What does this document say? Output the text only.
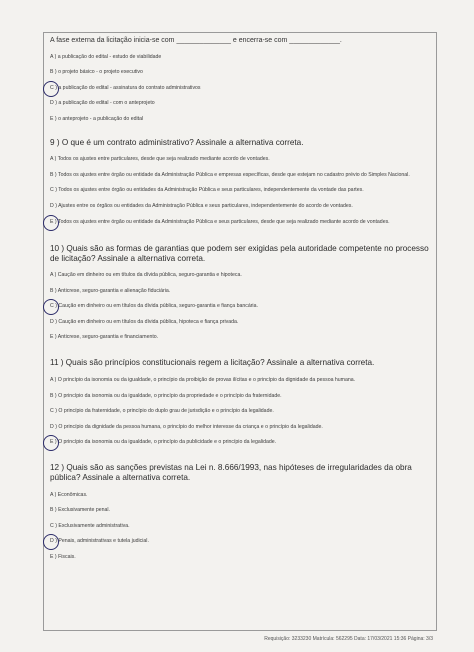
A fase externa da licitação inicia-se com ______________ e encerra-se com _____________.
A ) a publicação do edital - estudo de viabilidade
B ) o projeto básico - o projeto executivo
C ) a publicação do edital - assinatura do contrato administrativos
D ) a publicação do edital - com o anteprojeto
E ) o anteprojeto - a publicação do edital
9 ) O que é um contrato administrativo? Assinale a alternativa correta.
A ) Todos os ajustes entre particulares, desde que seja realizado mediante acordo de vontades.
B ) Todos os ajustes entre órgão ou entidade da Administração Pública e empresas específicas, desde que estejam no cadastro prévio do Simples Nacional.
C ) Todos os ajustes entre órgão ou entidades da Administração Pública e seus particulares, independentemente da vontade das partes.
D ) Ajustes entre os órgãos ou entidades da Administração Pública e seus particulares, independentemente do acordo de vontades.
E ) Todos os ajustes entre órgão ou entidade da Administração Pública e seus particulares, desde que seja realizado mediante acordo de vontades.
10 ) Quais são as formas de garantias que podem ser exigidas pela autoridade competente no processo de licitação? Assinale a alternativa correta.
A ) Caução em dinheiro ou em títulos da dívida pública, seguro-garantia e hipoteca.
B ) Anticrese, seguro-garantia e alienação fiduciária.
C ) Caução em dinheiro ou em títulos da dívida pública, seguro-garantia e fiança bancária.
D ) Caução em dinheiro ou em títulos da dívida pública, hipoteca e fiança privada.
E ) Anticrese, seguro-garantia e financiamento.
11 ) Quais são princípios constitucionais regem a licitação? Assinale a alternativa correta.
A ) O princípio da isonomia ou da igualdade, o princípio da proibição de provas ilícitas e o princípio da dignidade da pessoa humana.
B ) O princípio da isonomia ou da igualdade, o princípio da propriedade e o princípio da fraternidade.
C ) O princípio da fraternidade, o princípio do duplo grau de jurisdição e o princípio da legalidade.
D ) O princípio da dignidade da pessoa humana, o princípio do melhor interesse da criança e o princípio da legalidade.
E ) O princípio da isonomia ou da igualdade, o princípio da publicidade e o princípio da legalidade.
12 ) Quais são as sanções previstas na Lei n. 8.666/1993, nas hipóteses de irregularidades da obra pública? Assinale a alternativa correta.
A ) Econômicas.
B ) Exclusivamente penal.
C ) Exclusivamente administrativa.
D ) Penais, administrativas e tutela judicial.
E ) Fiscais.
Requisição: 3233230 Matrícula: 562295 Data: 17/03/2021 15:36 Página: 3/3
